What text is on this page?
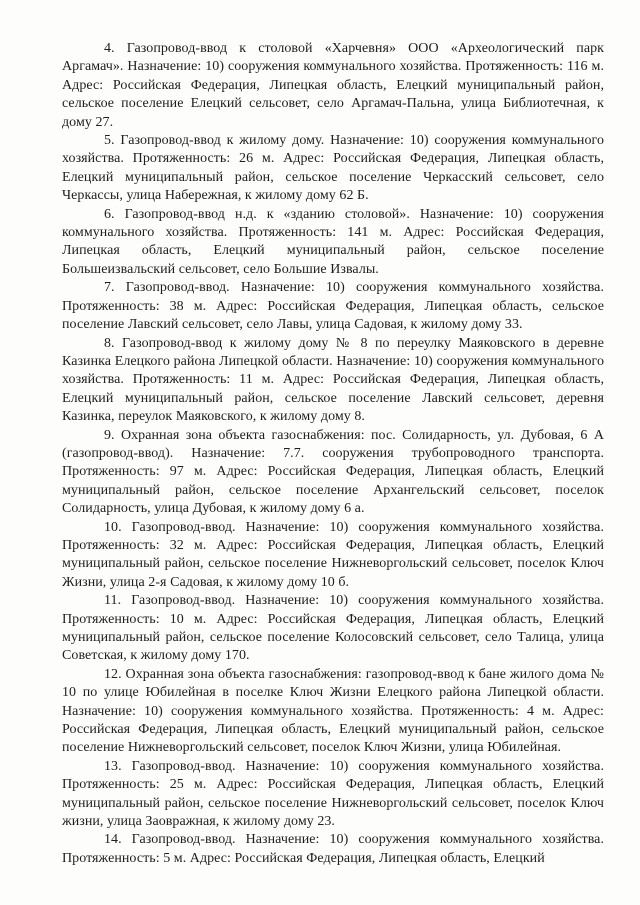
4. Газопровод-ввод к столовой «Харчевня» ООО «Археологический парк Аргамач». Назначение: 10) сооружения коммунального хозяйства. Протяженность: 116 м. Адрес: Российская Федерация, Липецкая область, Елецкий муниципальный район, сельское поселение Елецкий сельсовет, село Аргамач-Пальна, улица Библиотечная, к дому 27.

5. Газопровод-ввод к жилому дому. Назначение: 10) сооружения коммунального хозяйства. Протяженность: 26 м. Адрес: Российская Федерация, Липецкая область, Елецкий муниципальный район, сельское поселение Черкасский сельсовет, село Черкассы, улица Набережная, к жилому дому 62 Б.

6. Газопровод-ввод н.д. к «зданию столовой». Назначение: 10) сооружения коммунального хозяйства. Протяженность: 141 м. Адрес: Российская Федерация, Липецкая область, Елецкий муниципальный район, сельское поселение Большеизвальский сельсовет, село Большие Извалы.

7. Газопровод-ввод. Назначение: 10) сооружения коммунального хозяйства. Протяженность: 38 м. Адрес: Российская Федерация, Липецкая область, сельское поселение Лавский сельсовет, село Лавы, улица Садовая, к жилому дому 33.

8. Газопровод-ввод к жилому дому № 8 по переулку Маяковского в деревне Казинка Елецкого района Липецкой области. Назначение: 10) сооружения коммунального хозяйства. Протяженность: 11 м. Адрес: Российская Федерация, Липецкая область, Елецкий муниципальный район, сельское поселение Лавский сельсовет, деревня Казинка, переулок Маяковского, к жилому дому 8.

9. Охранная зона объекта газоснабжения: пос. Солидарность, ул. Дубовая, 6 А (газопровод-ввод). Назначение: 7.7. сооружения трубопроводного транспорта. Протяженность: 97 м. Адрес: Российская Федерация, Липецкая область, Елецкий муниципальный район, сельское поселение Архангельский сельсовет, поселок Солидарность, улица Дубовая, к жилому дому 6 а.

10. Газопровод-ввод. Назначение: 10) сооружения коммунального хозяйства. Протяженность: 32 м. Адрес: Российская Федерация, Липецкая область, Елецкий муниципальный район, сельское поселение Нижневоргольский сельсовет, поселок Ключ Жизни, улица 2-я Садовая, к жилому дому 10 б.

11. Газопровод-ввод. Назначение: 10) сооружения коммунального хозяйства. Протяженность: 10 м. Адрес: Российская Федерация, Липецкая область, Елецкий муниципальный район, сельское поселение Колосовский сельсовет, село Талица, улица Советская, к жилому дому 170.

12. Охранная зона объекта газоснабжения: газопровод-ввод к бане жилого дома № 10 по улице Юбилейная в поселке Ключ Жизни Елецкого района Липецкой области. Назначение: 10) сооружения коммунального хозяйства. Протяженность: 4 м. Адрес: Российская Федерация, Липецкая область, Елецкий муниципальный район, сельское поселение Нижневоргольский сельсовет, поселок Ключ Жизни, улица Юбилейная.

13. Газопровод-ввод. Назначение: 10) сооружения коммунального хозяйства. Протяженность: 25 м. Адрес: Российская Федерация, Липецкая область, Елецкий муниципальный район, сельское поселение Нижневоргольский сельсовет, поселок Ключ жизни, улица Заовражная, к жилому дому 23.

14. Газопровод-ввод. Назначение: 10) сооружения коммунального хозяйства. Протяженность: 5 м. Адрес: Российская Федерация, Липецкая область, Елецкий
